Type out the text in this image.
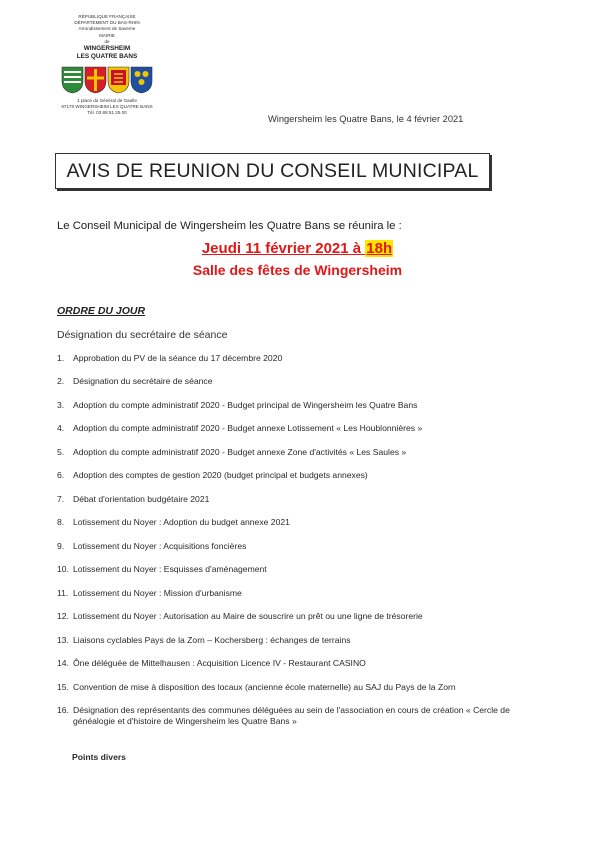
RÉPUBLIQUE FRANÇAISE
DÉPARTEMENT DU BAS-RHIN
Arrondissement de Saverne
MAIRIE
de
WINGERSHEIM
LES QUATRE BANS
1 place du Général de Gaulle
67170 WINGERSHEIM LES QUATRE BANS
Tél. 03 88 51 25 00
Wingersheim les Quatre Bans, le 4 février 2021
AVIS DE REUNION DU CONSEIL MUNICIPAL
Le Conseil Municipal de Wingersheim les Quatre Bans se réunira le :
Jeudi 11 février 2021 à 18h
Salle des fêtes de Wingersheim
ORDRE DU JOUR
Désignation du secrétaire de séance
1.	Approbation du PV de la séance du 17 décembre 2020
2.	Désignation du secrétaire de séance
3.	Adoption du compte administratif 2020 - Budget principal de Wingersheim les Quatre Bans
4.	Adoption du compte administratif 2020 - Budget annexe Lotissement « Les Houblonnières »
5.	Adoption du compte administratif 2020 - Budget annexe Zone d'activités « Les Saules »
6.	Adoption des comptes de gestion 2020 (budget principal et budgets annexes)
7.	Débat d'orientation budgétaire 2021
8.	Lotissement du Noyer : Adoption du budget annexe 2021
9.	Lotissement du Noyer : Acquisitions foncières
10. Lotissement du Noyer : Esquisses d'aménagement
11. Lotissement du Noyer : Mission d'urbanisme
12. Lotissement du Noyer : Autorisation au Maire de souscrire un prêt ou une ligne de trésorerie
13. Liaisons cyclables Pays de la Zorn – Kochersberg : échanges de terrains
14. Ône déléguée de Mittelhausen : Acquisition Licence IV - Restaurant CASINO
15. Convention de mise à disposition des locaux (ancienne école maternelle) au SAJ du Pays de la Zorn
16. Désignation des représentants des communes déléguées au sein de l'association en cours de création « Cercle de généalogie et d'histoire de Wingersheim les Quatre Bans »
Points divers
